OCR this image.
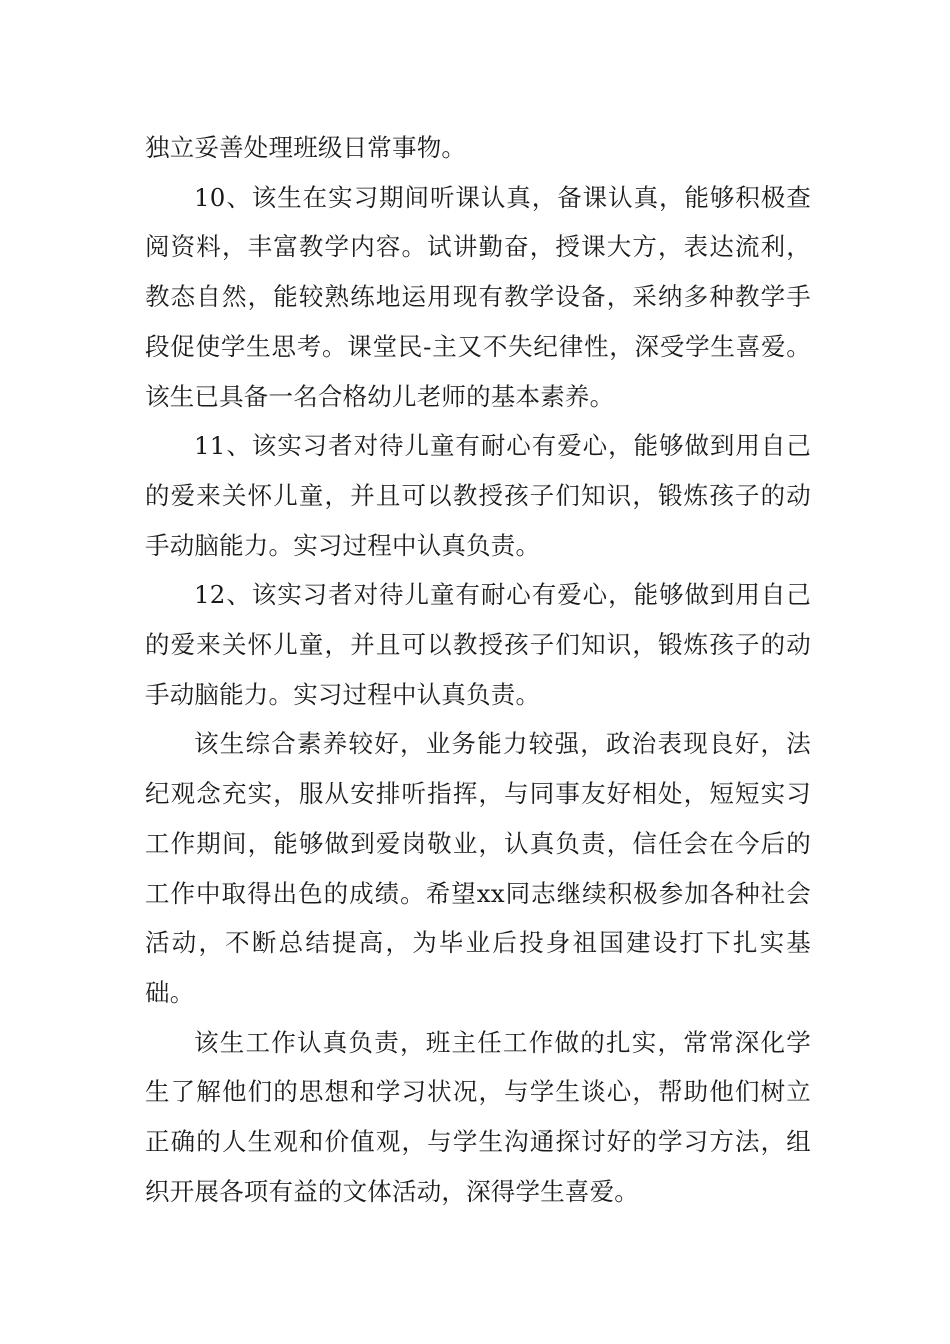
独立妥善处理班级日常事物。

10、该生在实习期间听课认真，备课认真，能够积极查阅资料，丰富教学内容。试讲勤奋，授课大方，表达流利，教态自然，能较熟练地运用现有教学设备，采纳多种教学手段促使学生思考。课堂民-主又不失纪律性，深受学生喜爱。该生已具备一名合格幼儿老师的基本素养。

11、该实习者对待儿童有耐心有爱心，能够做到用自己的爱来关怀儿童，并且可以教授孩子们知识，锻炼孩子的动手动脑能力。实习过程中认真负责。

12、该实习者对待儿童有耐心有爱心，能够做到用自己的爱来关怀儿童，并且可以教授孩子们知识，锻炼孩子的动手动脑能力。实习过程中认真负责。

该生综合素养较好，业务能力较强，政治表现良好，法纪观念充实，服从安排听指挥，与同事友好相处，短短实习工作期间，能够做到爱岗敬业，认真负责，信任会在今后的工作中取得出色的成绩。希望xx同志继续积极参加各种社会活动，不断总结提高，为毕业后投身祖国建设打下扎实基础。

该生工作认真负责，班主任工作做的扎实，常常深化学生了解他们的思想和学习状况，与学生谈心，帮助他们树立正确的人生观和价值观，与学生沟通探讨好的学习方法，组织开展各项有益的文体活动，深得学生喜爱。
